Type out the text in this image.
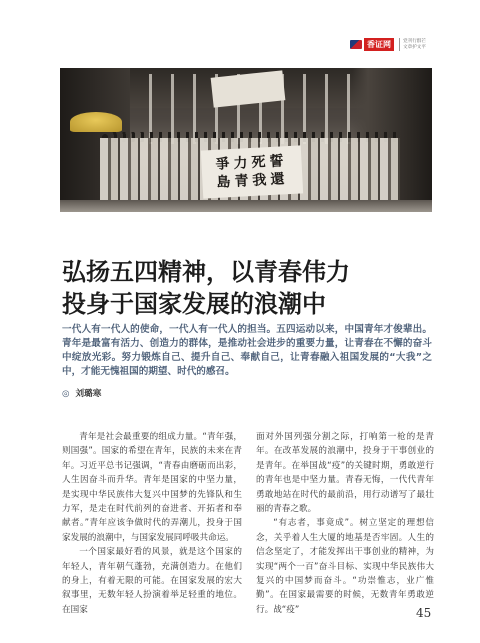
香证网	党刊行群芒
文章护文平
爭力死誓
島青我還
弘扬五四精神，以青春伟力
投身于国家发展的浪潮中
一代人有一代人的使命，一代人有一代人的担当。五四运动以来，中国青年才俊辈出。青年是最富有活力、创造力的群体，是推动社会进步的重要力量，让青春在不懈的奋斗中绽放光彩。努力锻炼自己、提升自己、奉献自己，让青春融入祖国发展的“大我”之中，才能无愧祖国的期望、时代的感召。
◎ 刘璐寒

青年是社会最重要的组成力量。“青年强，则国强”。国家的希望在青年，民族的未来在青年。习近平总书记强调，“青春由磨砺而出彩，人生因奋斗而升华。青年是国家的中坚力量，是实现中华民族伟大复兴中国梦的先锋队和生力军，是走在时代前列的奋进者、开拓者和奉献者。”青年应该争做时代的弄潮儿，投身于国家发展的浪潮中，与国家发展同呼吸共命运。

一个国家最好看的风景，就是这个国家的年轻人，青年朝气蓬勃，充满创造力。在他们的身上，有着无限的可能。在国家发展的宏大叙事里，无数年轻人扮演着举足轻重的地位。在国家

面对外国列强分割之际，打响第一枪的是青年。在改革发展的浪潮中，投身于干事创业的是青年。在举国战“疫”的关键时期，勇敢逆行的青年也是中坚力量。青春无悔，一代代青年勇敢地站在时代的最前沿，用行动谱写了最壮丽的青春之歌。

“有志者，事竟成”。树立坚定的理想信念，关乎着人生大厦的地基是否牢固。人生的信念坚定了，才能发挥出干事创业的精神，为实现“两个一百”奋斗目标、实现中华民族伟大复兴的中国梦而奋斗。“功崇惟志，业广惟勤”。在国家最需要的时候，无数青年勇敢逆行。战“疫”	45
